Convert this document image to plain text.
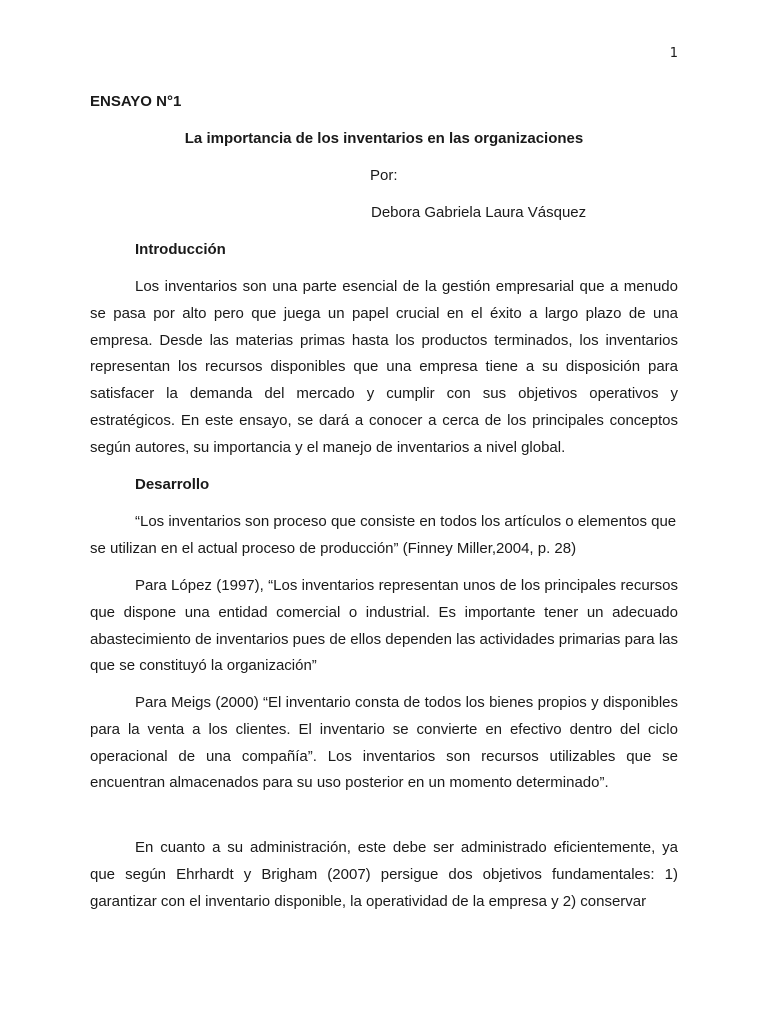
1
ENSAYO N°1
La importancia de los inventarios en las organizaciones
Por:
Debora Gabriela Laura Vásquez
Introducción

Los inventarios son una parte esencial de la gestión empresarial que a menudo se pasa por alto pero que juega un papel crucial en el éxito a largo plazo de una empresa. Desde las materias primas hasta los productos terminados, los inventarios representan los recursos disponibles que una empresa tiene a su disposición para satisfacer la demanda del mercado y cumplir con sus objetivos operativos y estratégicos. En este ensayo, se dará a conocer a cerca de los principales conceptos según autores, su importancia y el manejo de inventarios a nivel global.

Desarrollo

“Los inventarios son proceso que consiste en todos los artículos o elementos que se utilizan en el actual proceso de producción” (Finney Miller,2004, p. 28)

Para López (1997), “Los inventarios representan unos de los principales recursos que dispone una entidad comercial o industrial. Es importante tener un adecuado abastecimiento de inventarios pues de ellos dependen las actividades primarias para las que se constituyó la organización”

Para Meigs (2000) “El inventario consta de todos los bienes propios y disponibles para la venta a los clientes. El inventario se convierte en efectivo dentro del ciclo operacional de una compañía”. Los inventarios son recursos utilizables que se encuentran almacenados para su uso posterior en un momento determinado”.

En cuanto a su administración, este debe ser administrado eficientemente, ya que según Ehrhardt y Brigham (2007) persigue dos objetivos fundamentales: 1) garantizar con el inventario disponible, la operatividad de la empresa y 2) conservar
